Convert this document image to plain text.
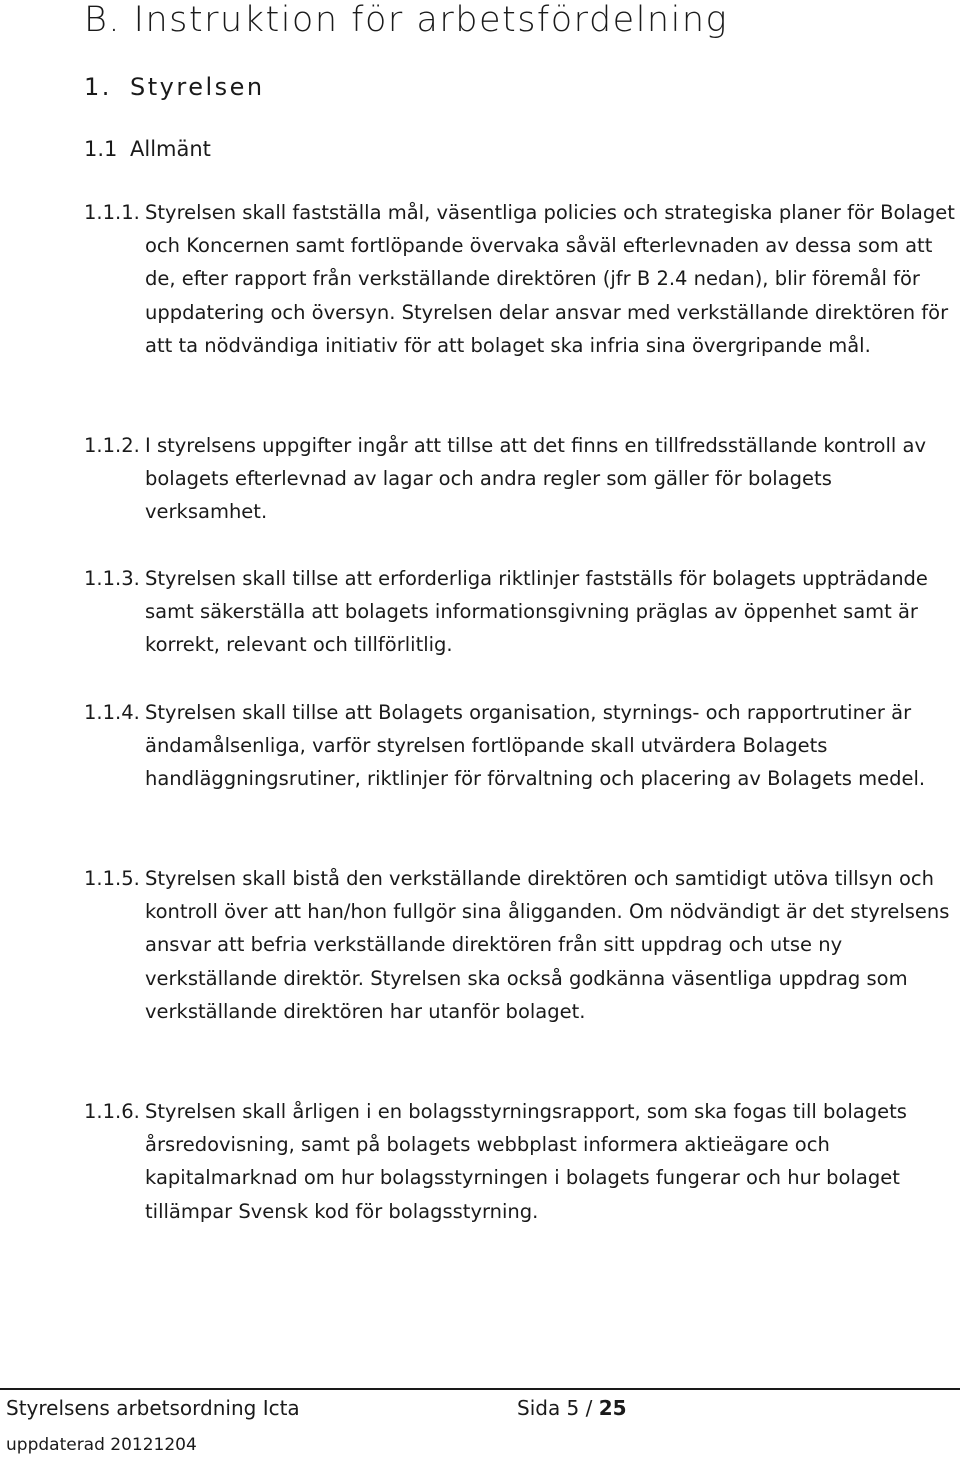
B. Instruktion för arbetsfördelning
1. Styrelsen
1.1 Allmänt
1.1.1. Styrelsen skall fastställa mål, väsentliga policies och strategiska planer för Bolaget och Koncernen samt fortlöpande övervaka såväl efterlevnaden av dessa som att de, efter rapport från verkställande direktören (jfr B 2.4 nedan), blir föremål för uppdatering och översyn. Styrelsen delar ansvar med verkställande direktören för att ta nödvändiga initiativ för att bolaget ska infria sina övergripande mål.
1.1.2. I styrelsens uppgifter ingår att tillse att det finns en tillfredsställande kontroll av bolagets efterlevnad av lagar och andra regler som gäller för bolagets verksamhet.
1.1.3. Styrelsen skall tillse att erforderliga riktlinjer fastställs för bolagets uppträdande samt säkerställa att bolagets informationsgivning präglas av öppenhet samt är korrekt, relevant och tillförlitlig.
1.1.4. Styrelsen skall tillse att Bolagets organisation, styrnings- och rapportrutiner är ändamålsenliga, varför styrelsen fortlöpande skall utvärdera Bolagets handläggningsrutiner, riktlinjer för förvaltning och placering av Bolagets medel.
1.1.5. Styrelsen skall bistå den verkställande direktören och samtidigt utöva tillsyn och kontroll över att han/hon fullgör sina åligganden. Om nödvändigt är det styrelsens ansvar att befria verkställande direktören från sitt uppdrag och utse ny verkställande direktör. Styrelsen ska också godkänna väsentliga uppdrag som verkställande direktören har utanför bolaget.
1.1.6. Styrelsen skall årligen i en bolagsstyrningsrapport, som ska fogas till bolagets årsredovisning, samt på bolagets webbplast informera aktieägare och kapitalmarknad om hur bolagsstyrningen i bolagets fungerar och hur bolaget tillämpar Svensk kod för bolagsstyrning.
Styrelsens arbetsordning Icta	Sida 5 / 25
uppdaterad 20121204
